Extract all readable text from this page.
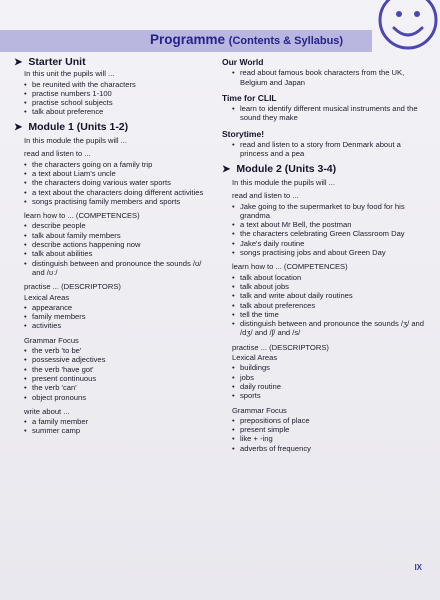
Programme (Contents & Syllabus)
➤ Starter Unit
In this unit the pupils will ...
• be reunited with the characters
• practise numbers 1-100
• practise school subjects
• talk about preference
➤ Module 1 (Units 1-2)
In this module the pupils will ...
read and listen to ...
• the characters going on a family trip
• a text about Liam's uncle
• the characters doing various water sports
• a text about the characters doing different activities
• songs practising family members and sports
learn how to ... (COMPETENCES)
• describe people
• talk about family members
• describe actions happening now
• talk about abilities
• distinguish between and pronounce the sounds /ʊ/ and /ʊː/
practise ... (DESCRIPTORS)
Lexical Areas
• appearance
• family members
• activities
Grammar Focus
• the verb 'to be'
• possessive adjectives
• the verb 'have got'
• present continuous
• the verb 'can'
• object pronouns
write about ...
• a family member
• summer camp
Our World
• read about famous book characters from the UK, Belgium and Japan
Time for CLIL
• learn to identify different musical instruments and the sound they make
Storytime!
• read and listen to a story from Denmark about a princess and a pea
➤ Module 2 (Units 3-4)
In this module the pupils will ...
read and listen to ...
• Jake going to the supermarket to buy food for his grandma
• a text about Mr Bell, the postman
• the characters celebrating Green Classroom Day
• Jake's daily routine
• songs practising jobs and about Green Day
learn how to ... (COMPETENCES)
• talk about location
• talk about jobs
• talk and write about daily routines
• talk about preferences
• tell the time
• distinguish between and pronounce the sounds /ʒ/ and /dʒ/ and /ʃ/ and /s/
practise ... (DESCRIPTORS)
Lexical Areas
• buildings
• jobs
• daily routine
• sports
Grammar Focus
• prepositions of place
• present simple
• like + -ing
• adverbs of frequency
IX
